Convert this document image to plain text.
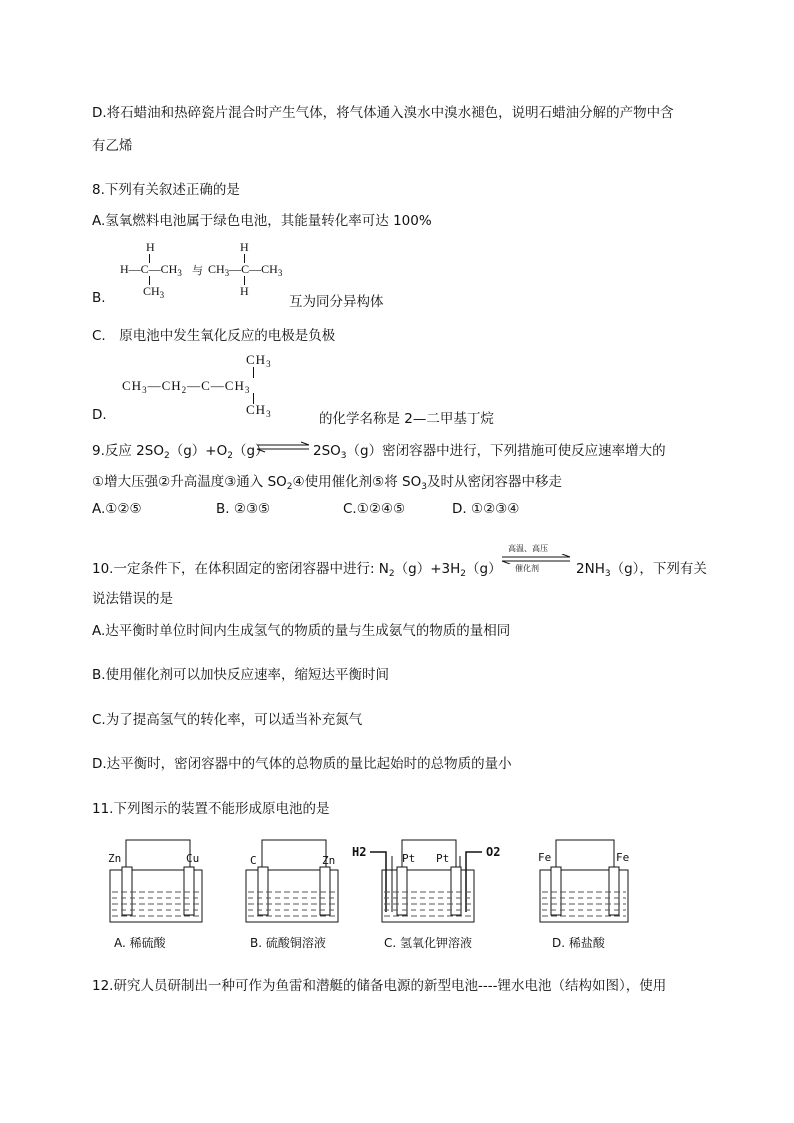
D.将石蜡油和热碎瓷片混合时产生气体，将气体通入溴水中溴水褪色，说明石蜡油分解的产物中含
有乙烯
8.下列有关叙述正确的是
A.氢氧燃料电池属于绿色电池，其能量转化率可达 100%
B.
H
$H—C—CH_3$
$CH_3$
与
H
$CH_3—C—CH_3$
H
互为同分异构体
C.　原电池中发生氧化反应的电极是负极
D.
$CH_3$
$CH_3—CH_2—C—CH_3$
$CH_3$	的化学名称是 2—二甲基丁烷
9.反应 $2SO_2(g)+O_2(g)$	$2SO_3(g)$密闭容器中进行，下列措施可使反应速率增大的
①增大压强②升高温度③通入 $SO_2④$使用催化剂⑤将 $SO_3$及时从密闭容器中移走
A.①②⑤	B. ②③⑤	C.①②④⑤	D. ①②③④
10.一定条件下，在体积固定的密闭容器中进行: $N_2(g)+3H_2(g)$
高温、高压
催化剂	$2NH_3(g)$，下列有关
说法错误的是
A.达平衡时单位时间内生成氢气的物质的量与生成氨气的物质的量相同
B.使用催化剂可以加快反应速率，缩短达平衡时间
C.为了提高氢气的转化率，可以适当补充氮气
D.达平衡时，密闭容器中的气体的总物质的量比起始时的总物质的量小
11.下列图示的装置不能形成原电池的是
Zn	Cu
A. 稀硫酸
C	Zn
B. 硫酸铜溶液
H2	O2
Pt Pt
C. 氢氧化钾溶液
Fe	Fe
D. 稀盐酸
12.研究人员研制出一种可作为鱼雷和潜艇的储备电源的新型电池----锂水电池（结构如图），使用
